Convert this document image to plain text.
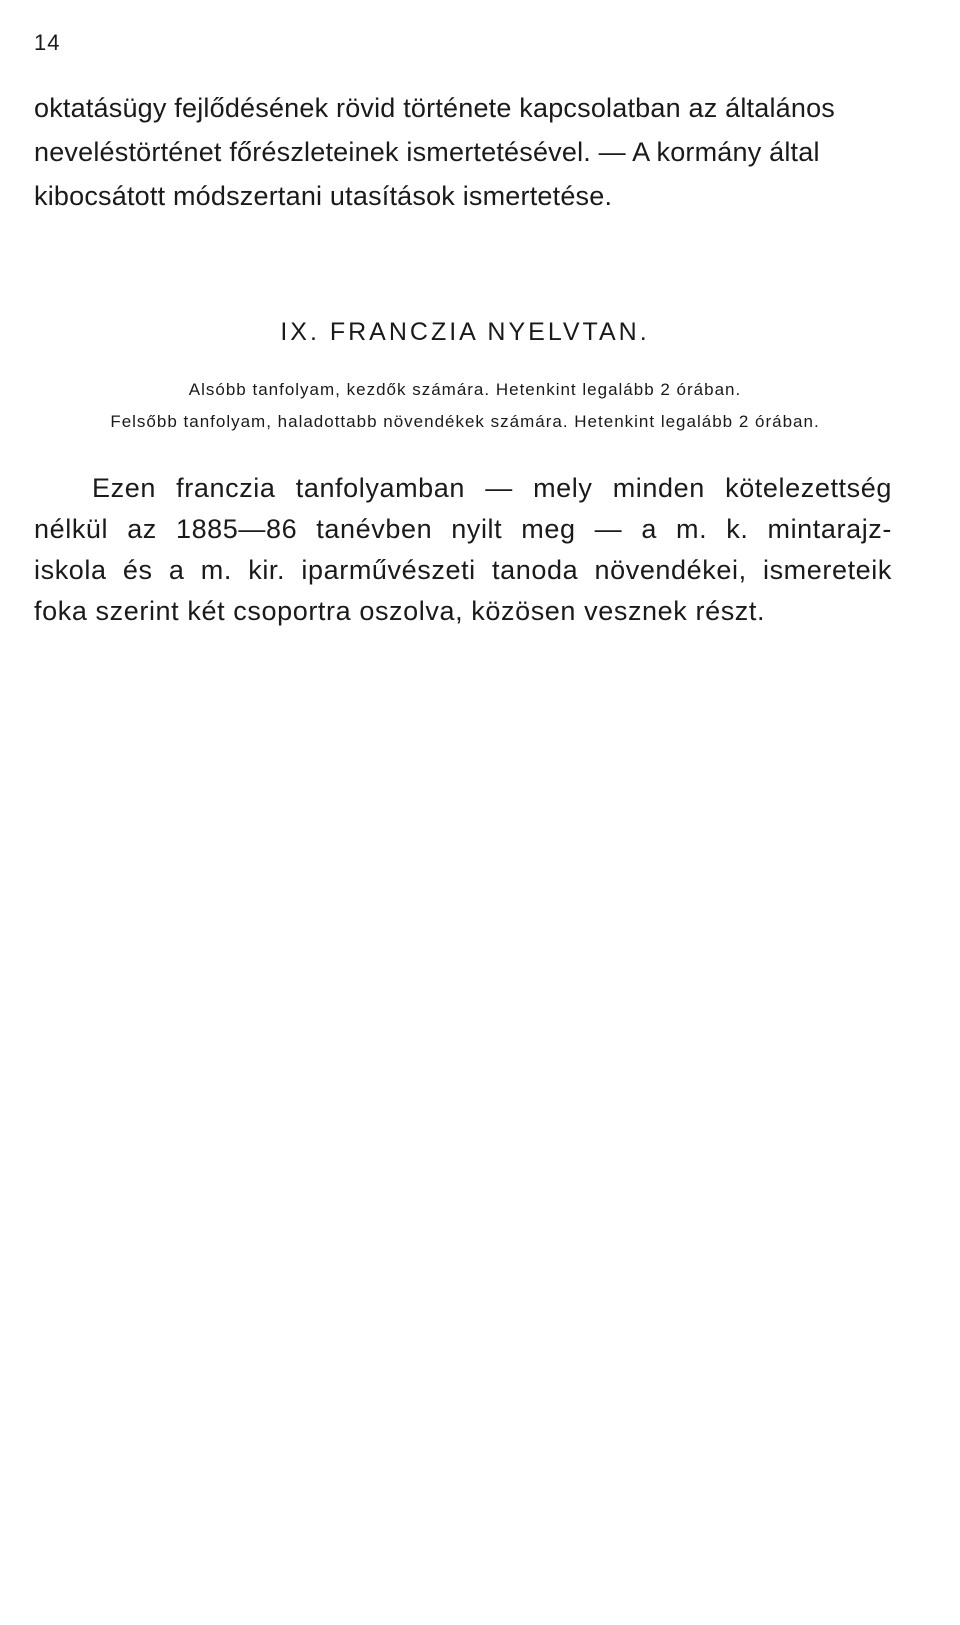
14
oktatásügy fejlődésének rövid története kapcsolatban az általános
neveléstörténet főrészleteinek ismertetésével. — A kormány által
kibocsátott módszertani utasítások ismertetése.
IX. FRANCZIA NYELVTAN.
Alsóbb tanfolyam, kezdők számára. Hetenkint legalább 2 órában.
Felsőbb tanfolyam, haladottabb növendékek számára. Hetenkint legalább 2 órában.
Ezen franczia tanfolyamban — mely minden kötelezettség
nélkül az 1885—86 tanévben nyilt meg — a m. k. mintarajz-
iskola és a m. kir. iparművészeti tanoda növendékei, ismereteik
foka szerint két csoportra oszolva, közösen vesznek részt.
